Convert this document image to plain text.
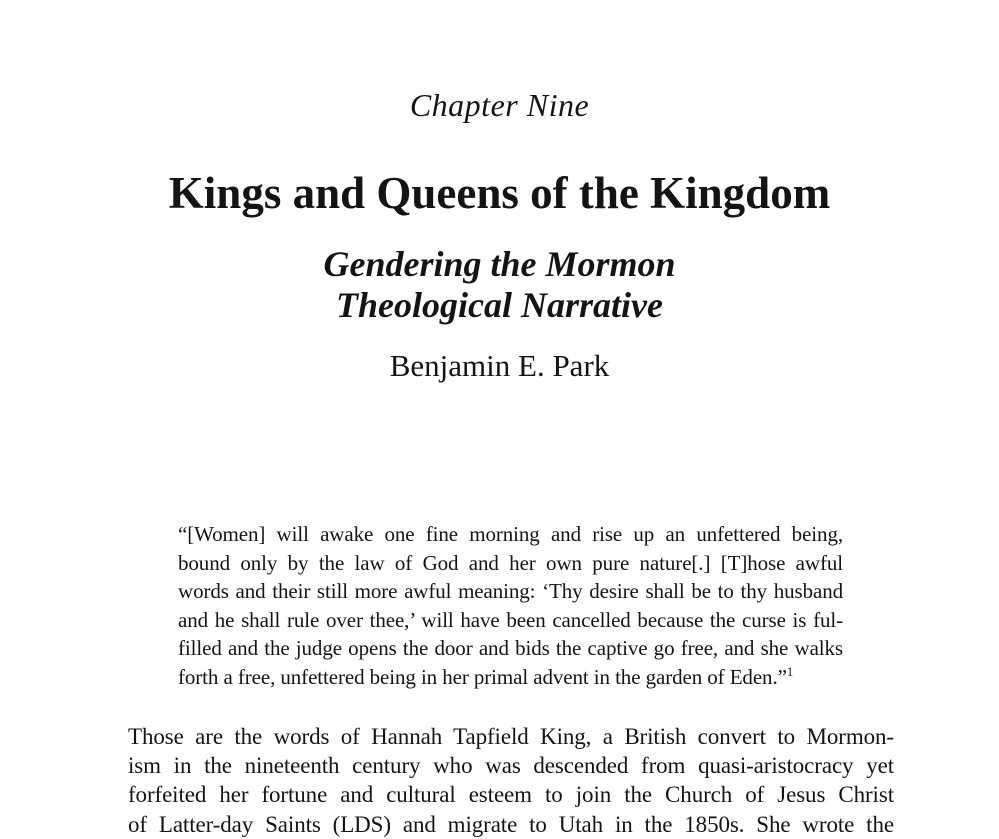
Chapter Nine
Kings and Queens of the Kingdom
Gendering the Mormon
Theological Narrative
Benjamin E. Park
“[Women] will awake one fine morning and rise up an unfettered being,
bound only by the law of God and her own pure nature[.] [T]hose awful
words and their still more awful meaning: ‘Thy desire shall be to thy husband
and he shall rule over thee,’ will have been cancelled because the curse is ful-
filled and the judge opens the door and bids the captive go free, and she walks
forth a free, unfettered being in her primal advent in the garden of Eden.”$^1$
Those are the words of Hannah Tapfield King, a British convert to Mormon-
ism in the nineteenth century who was descended from quasi-aristocracy yet
forfeited her fortune and cultural esteem to join the Church of Jesus Christ
of Latter-day Saints (LDS) and migrate to Utah in the 1850s. She wrote the
